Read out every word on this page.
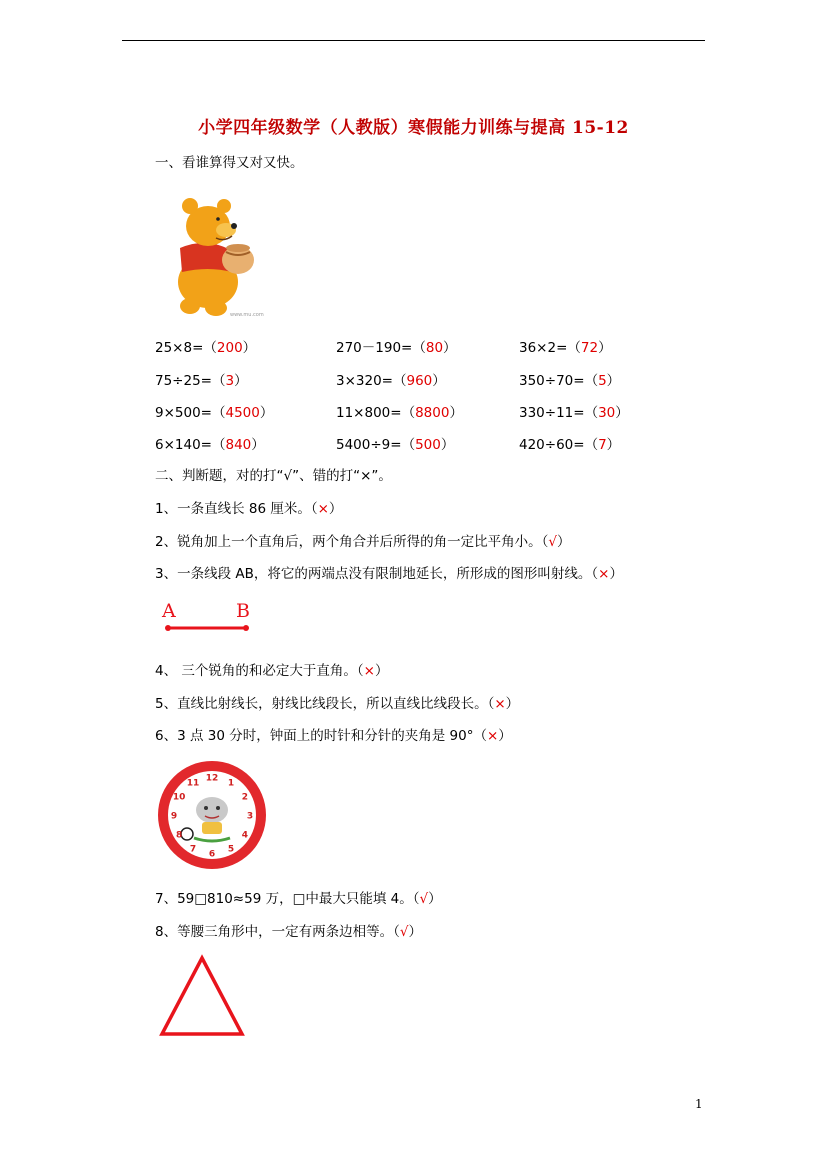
小学四年级数学（人教版）寒假能力训练与提高 15-12
一、看谁算得又对又快。
www.mu.com
25×8=（200）	270－190=（80）	36×2=（72）
75÷25=（3）	3×320=（960）	350÷70=（5）
9×500=（4500）	11×800=（8800）	330÷11=（30）
6×140=（840）	5400÷9=（500）	420÷60=（7）
二、判断题，对的打“√”、错的打“×”。
1、一条直线长 86 厘米。（×）
2、锐角加上一个直角后，两个角合并后所得的角一定比平角小。（√）
3、一条线段 AB，将它的两端点没有限制地延长，所形成的图形叫射线。（×）
4、 三个锐角的和必定大于直角。（×）
5、直线比射线长，射线比线段长，所以直线比线段长。（×）
6、3 点 30 分时，钟面上的时针和分针的夹角是 90°（×）
7、59□810≈59 万，□中最大只能填 4。（√）
8、等腰三角形中，一定有两条边相等。（√）
A	B
12
1
2
3
4
5
6
7
8
9
10
11
1
